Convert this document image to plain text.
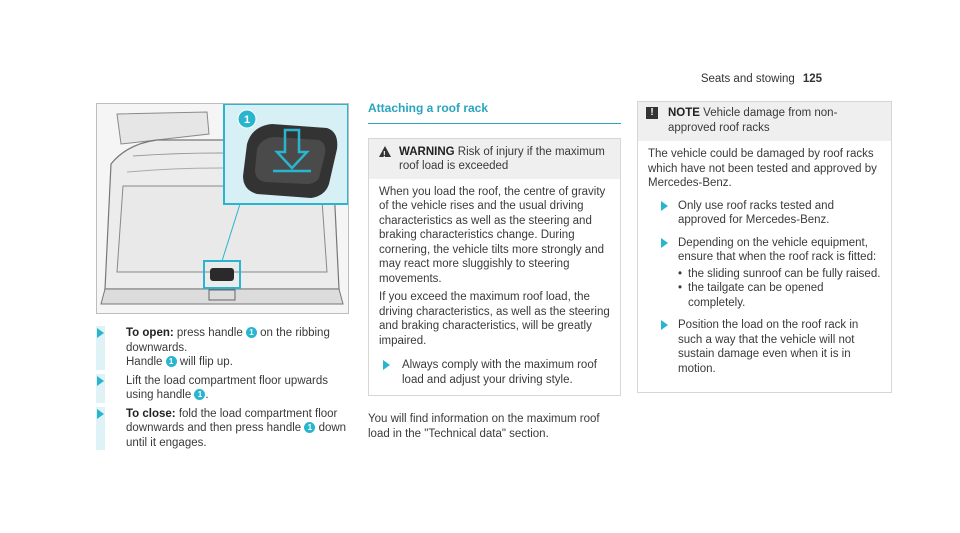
Seats and stowing 125
1
To open: press handle 1 on the ribbing downwards.
Handle 1 will flip up.
Lift the load compartment floor upwards using handle 1 .
To close: fold the load compartment floor downwards and then press handle 1 down until it engages.
Attaching a roof rack
! WARNING Risk of injury if the maximum roof load is exceeded

When you load the roof, the centre of gravity of the vehicle rises and the usual driving characteristics as well as the steering and braking characteristics change. During cornering, the vehicle tilts more strongly and may react more sluggishly to steering movements.

If you exceed the maximum roof load, the driving characteristics, as well as the steering and braking characteristics, will be greatly impaired.

Always comply with the maximum roof load and adjust your driving style.
You will find information on the maximum roof load in the "Technical data" section.
!	NOTE Vehicle damage from non-approved roof racks

The vehicle could be damaged by roof racks which have not been tested and approved by Mercedes-Benz.

Only use roof racks tested and approved for Mercedes-Benz.
Depending on the vehicle equipment, ensure that when the roof rack is fitted:
• the sliding sunroof can be fully raised.
• the tailgate can be opened completely.
Position the load on the roof rack in such a way that the vehicle will not sustain damage even when it is in motion.
